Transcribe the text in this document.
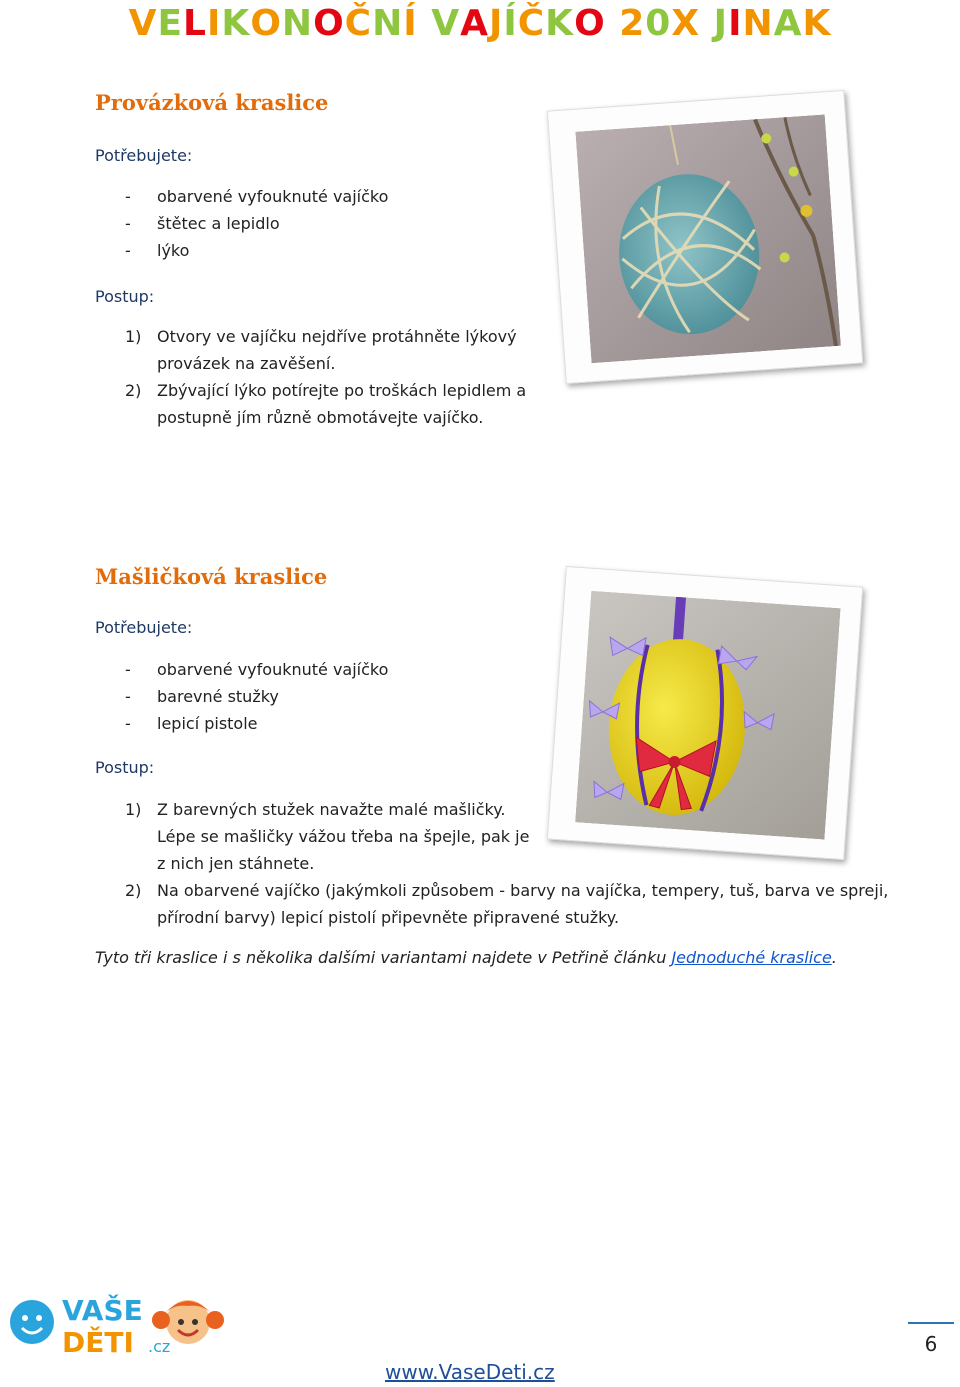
VELIKONOČNÍ VAJÍČKO 20X JINAK
Provázková kraslice
Potřebujete:
- obarvené vyfouknuté vajíčko
- štětec a lepidlo
- lýko
Postup:
1) Otvory ve vajíčku nejdříve protáhněte lýkový
provázek na zavěšení.
2) Zbývající lýko potírejte po troškách lepidlem a
postupně jím různě obmotávejte vajíčko.
Mašličková kraslice
Potřebujete:
- obarvené vyfouknuté vajíčko
- barevné stužky
- lepicí pistole
Postup:
1) Z barevných stužek navažte malé mašličky.
Lépe se mašličky vážou třeba na špejle, pak je
z nich jen stáhnete.
2) Na obarvené vajíčko (jakýmkoli způsobem - barvy na vajíčka, tempery, tuš, barva ve spreji,
přírodní barvy) lepicí pistolí připevněte připravené stužky.
Tyto tři kraslice i s několika dalšími variantami najdete v Petřině článku Jednoduché kraslice.
VAŠE
DĚTI .cz
www.VaseDeti.cz
6
